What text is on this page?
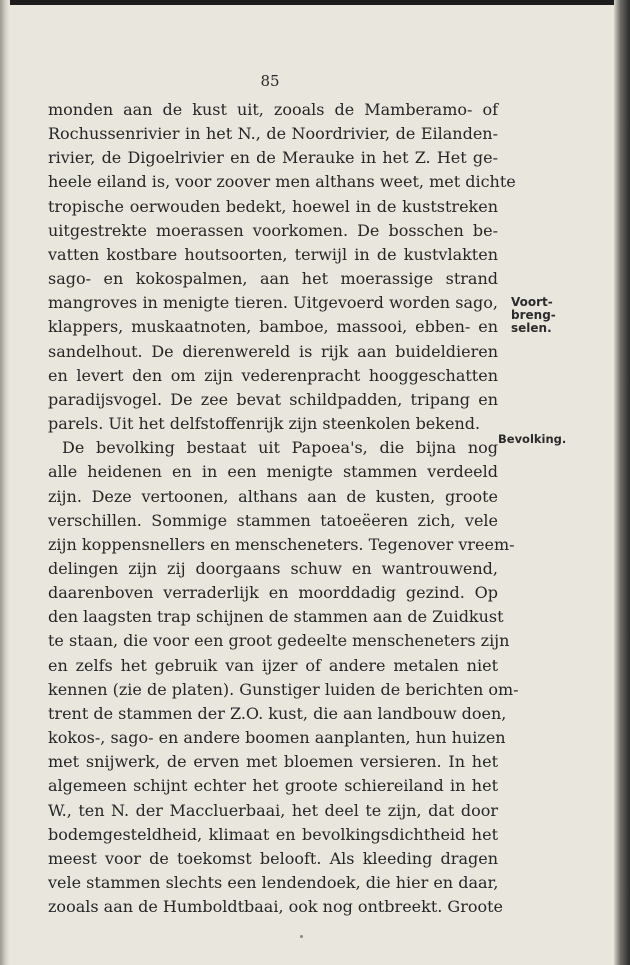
85
monden aan de kust uit, zooals de Mamberamo- of
Rochussenrivier in het N., de Noordrivier, de Eilanden-
rivier, de Digoelrivier en de Merauke in het Z. Het ge-
heele eiland is, voor zoover men althans weet, met dichte
tropische oerwouden bedekt, hoewel in de kuststreken
uitgestrekte moerassen voorkomen. De bosschen be-
vatten kostbare houtsoorten, terwijl in de kustvlakten
sago- en kokospalmen, aan het moerassige strand
mangroves in menigte tieren. Uitgevoerd worden sago,
klappers, muskaatnoten, bamboe, massooi, ebben- en
sandelhout. De dierenwereld is rijk aan buideldieren
en levert den om zijn vederenpracht hooggeschatten
paradijsvogel. De zee bevat schildpadden, tripang en
parels. Uit het delfstoffenrijk zijn steenkolen bekend.
De bevolking bestaat uit Papoea's, die bijna nog
alle heidenen en in een menigte stammen verdeeld
zijn. Deze vertoonen, althans aan de kusten, groote
verschillen. Sommige stammen tatoeëeren zich, vele
zijn koppensnellers en menscheneters. Tegenover vreem-
delingen zijn zij doorgaans schuw en wantrouwend,
daarenboven verraderlijk en moorddadig gezind. Op
den laagsten trap schijnen de stammen aan de Zuidkust
te staan, die voor een groot gedeelte menscheneters zijn
en zelfs het gebruik van ijzer of andere metalen niet
kennen (zie de platen). Gunstiger luiden de berichten om-
trent de stammen der Z.O. kust, die aan landbouw doen,
kokos-, sago- en andere boomen aanplanten, hun huizen
met snijwerk, de erven met bloemen versieren. In het
algemeen schijnt echter het groote schiereiland in het
W., ten N. der Maccluerbaai, het deel te zijn, dat door
bodemgesteldheid, klimaat en bevolkingsdichtheid het
meest voor de toekomst belooft. Als kleeding dragen
vele stammen slechts een lendendoek, die hier en daar,
zooals aan de Humboldtbaai, ook nog ontbreekt. Groote
Voort-
breng-
selen.
Bevolking.
